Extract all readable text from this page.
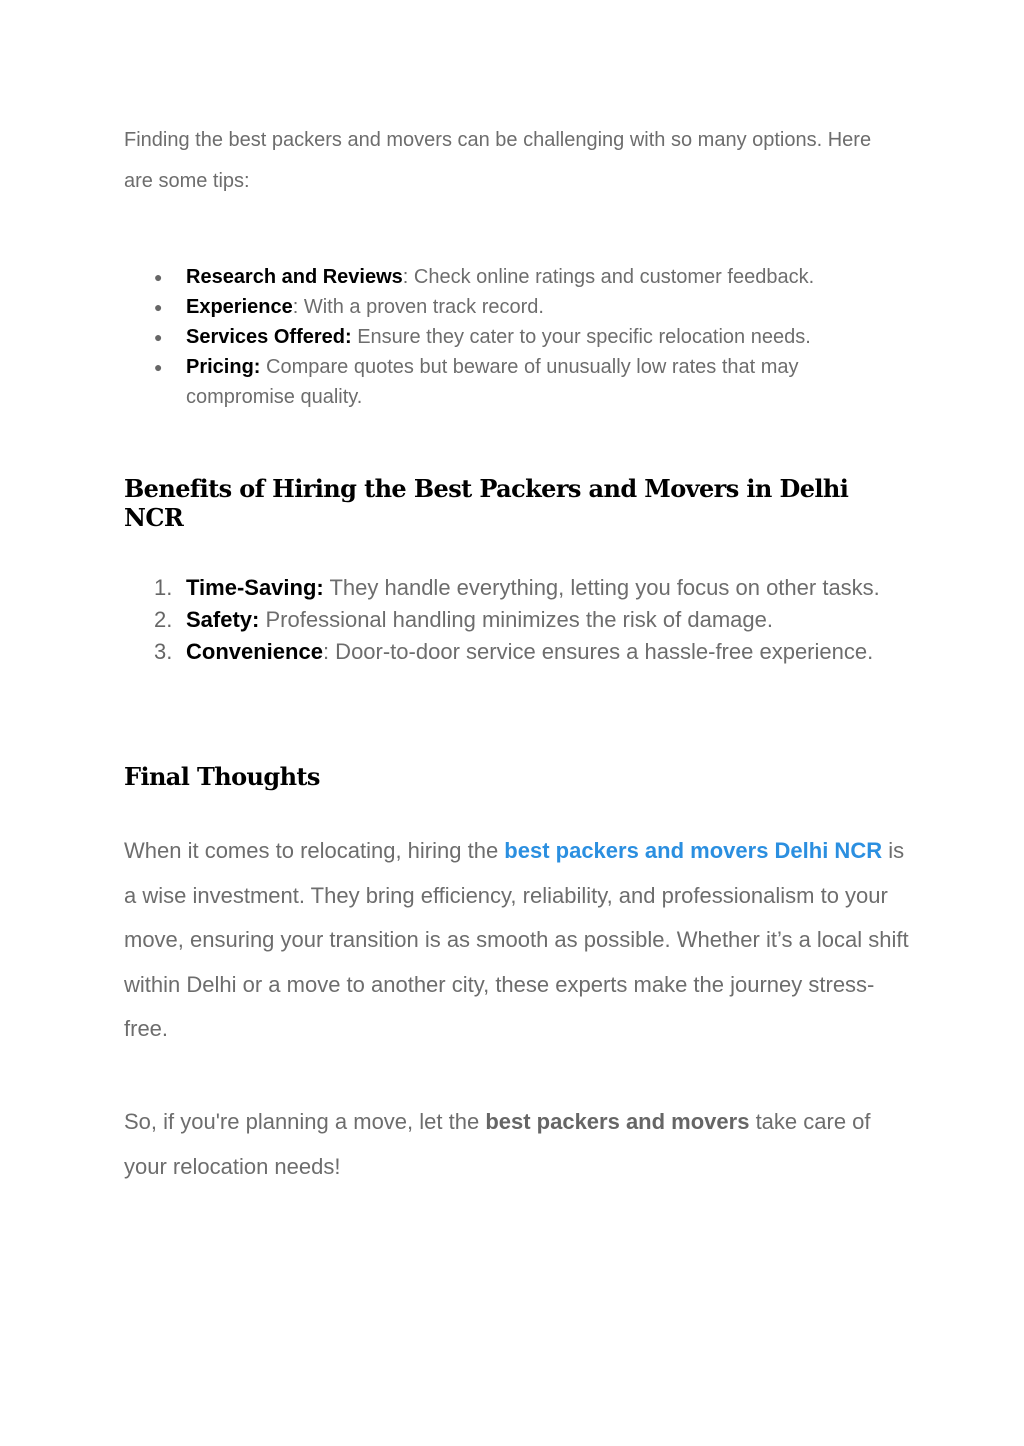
Finding the best packers and movers can be challenging with so many options. Here are some tips:

● Research and Reviews: Check online ratings and customer feedback.
● Experience: With a proven track record.
● Services Offered: Ensure they cater to your specific relocation needs.
● Pricing: Compare quotes but beware of unusually low rates that may compromise quality.
Benefits of Hiring the Best Packers and Movers in Delhi NCR
1. Time-Saving: They handle everything, letting you focus on other tasks.
2. Safety: Professional handling minimizes the risk of damage.
3. Convenience: Door-to-door service ensures a hassle-free experience.
Final Thoughts

When it comes to relocating, hiring the best packers and movers Delhi NCR is a wise investment. They bring efficiency, reliability, and professionalism to your move, ensuring your transition is as smooth as possible. Whether it’s a local shift within Delhi or a move to another city, these experts make the journey stress-free.

So, if you're planning a move, let the best packers and movers take care of your relocation needs!
